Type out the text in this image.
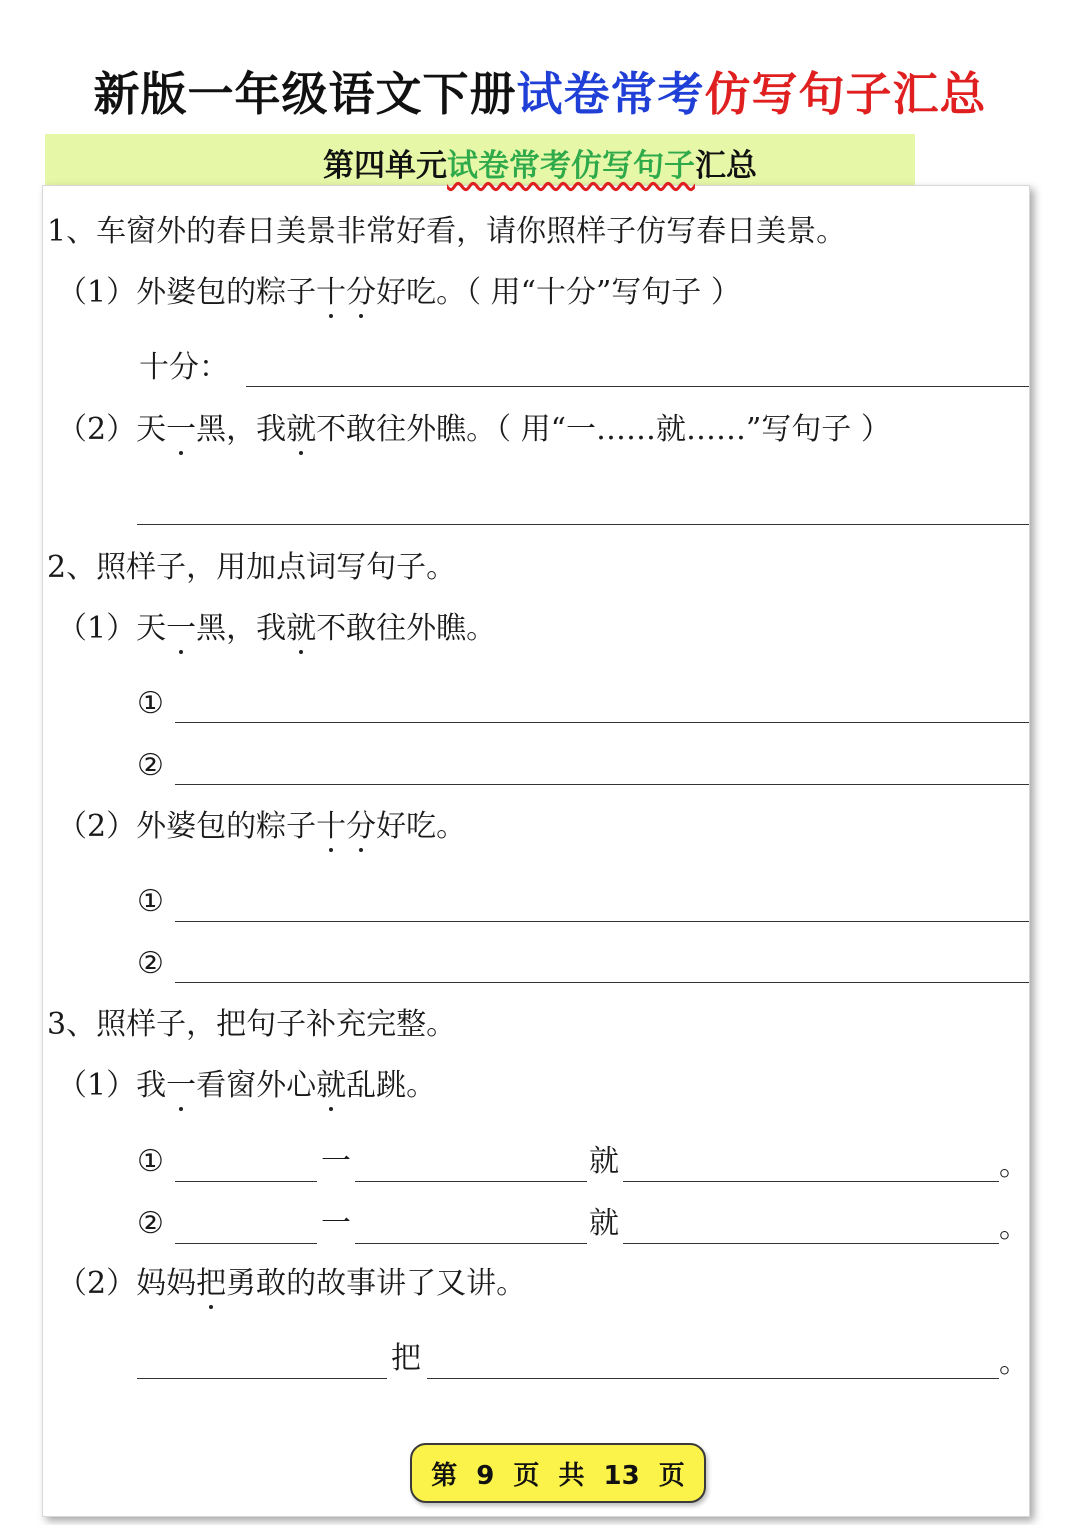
新版一年级语文下册试卷常考仿写句子汇总
第四单元试卷常考仿写句子汇总
1、车窗外的春日美景非常好看，请你照样子仿写春日美景。
（1）外婆包的粽子十分好吃。（ 用“十分”写句子 ）
十分：
（2）天一黑，我就不敢往外瞧。（ 用“一……就……”写句子 ）
2、照样子，用加点词写句子。
（1）天一黑，我就不敢往外瞧。
①
②
（2）外婆包的粽子十分好吃。
①
②
3、照样子，把句子补充完整。
（1）我一看窗外心就乱跳。
①	一	就	。
②	一	就	。
（2）妈妈把勇敢的故事讲了又讲。
把	。
第 9 页 共 13 页
